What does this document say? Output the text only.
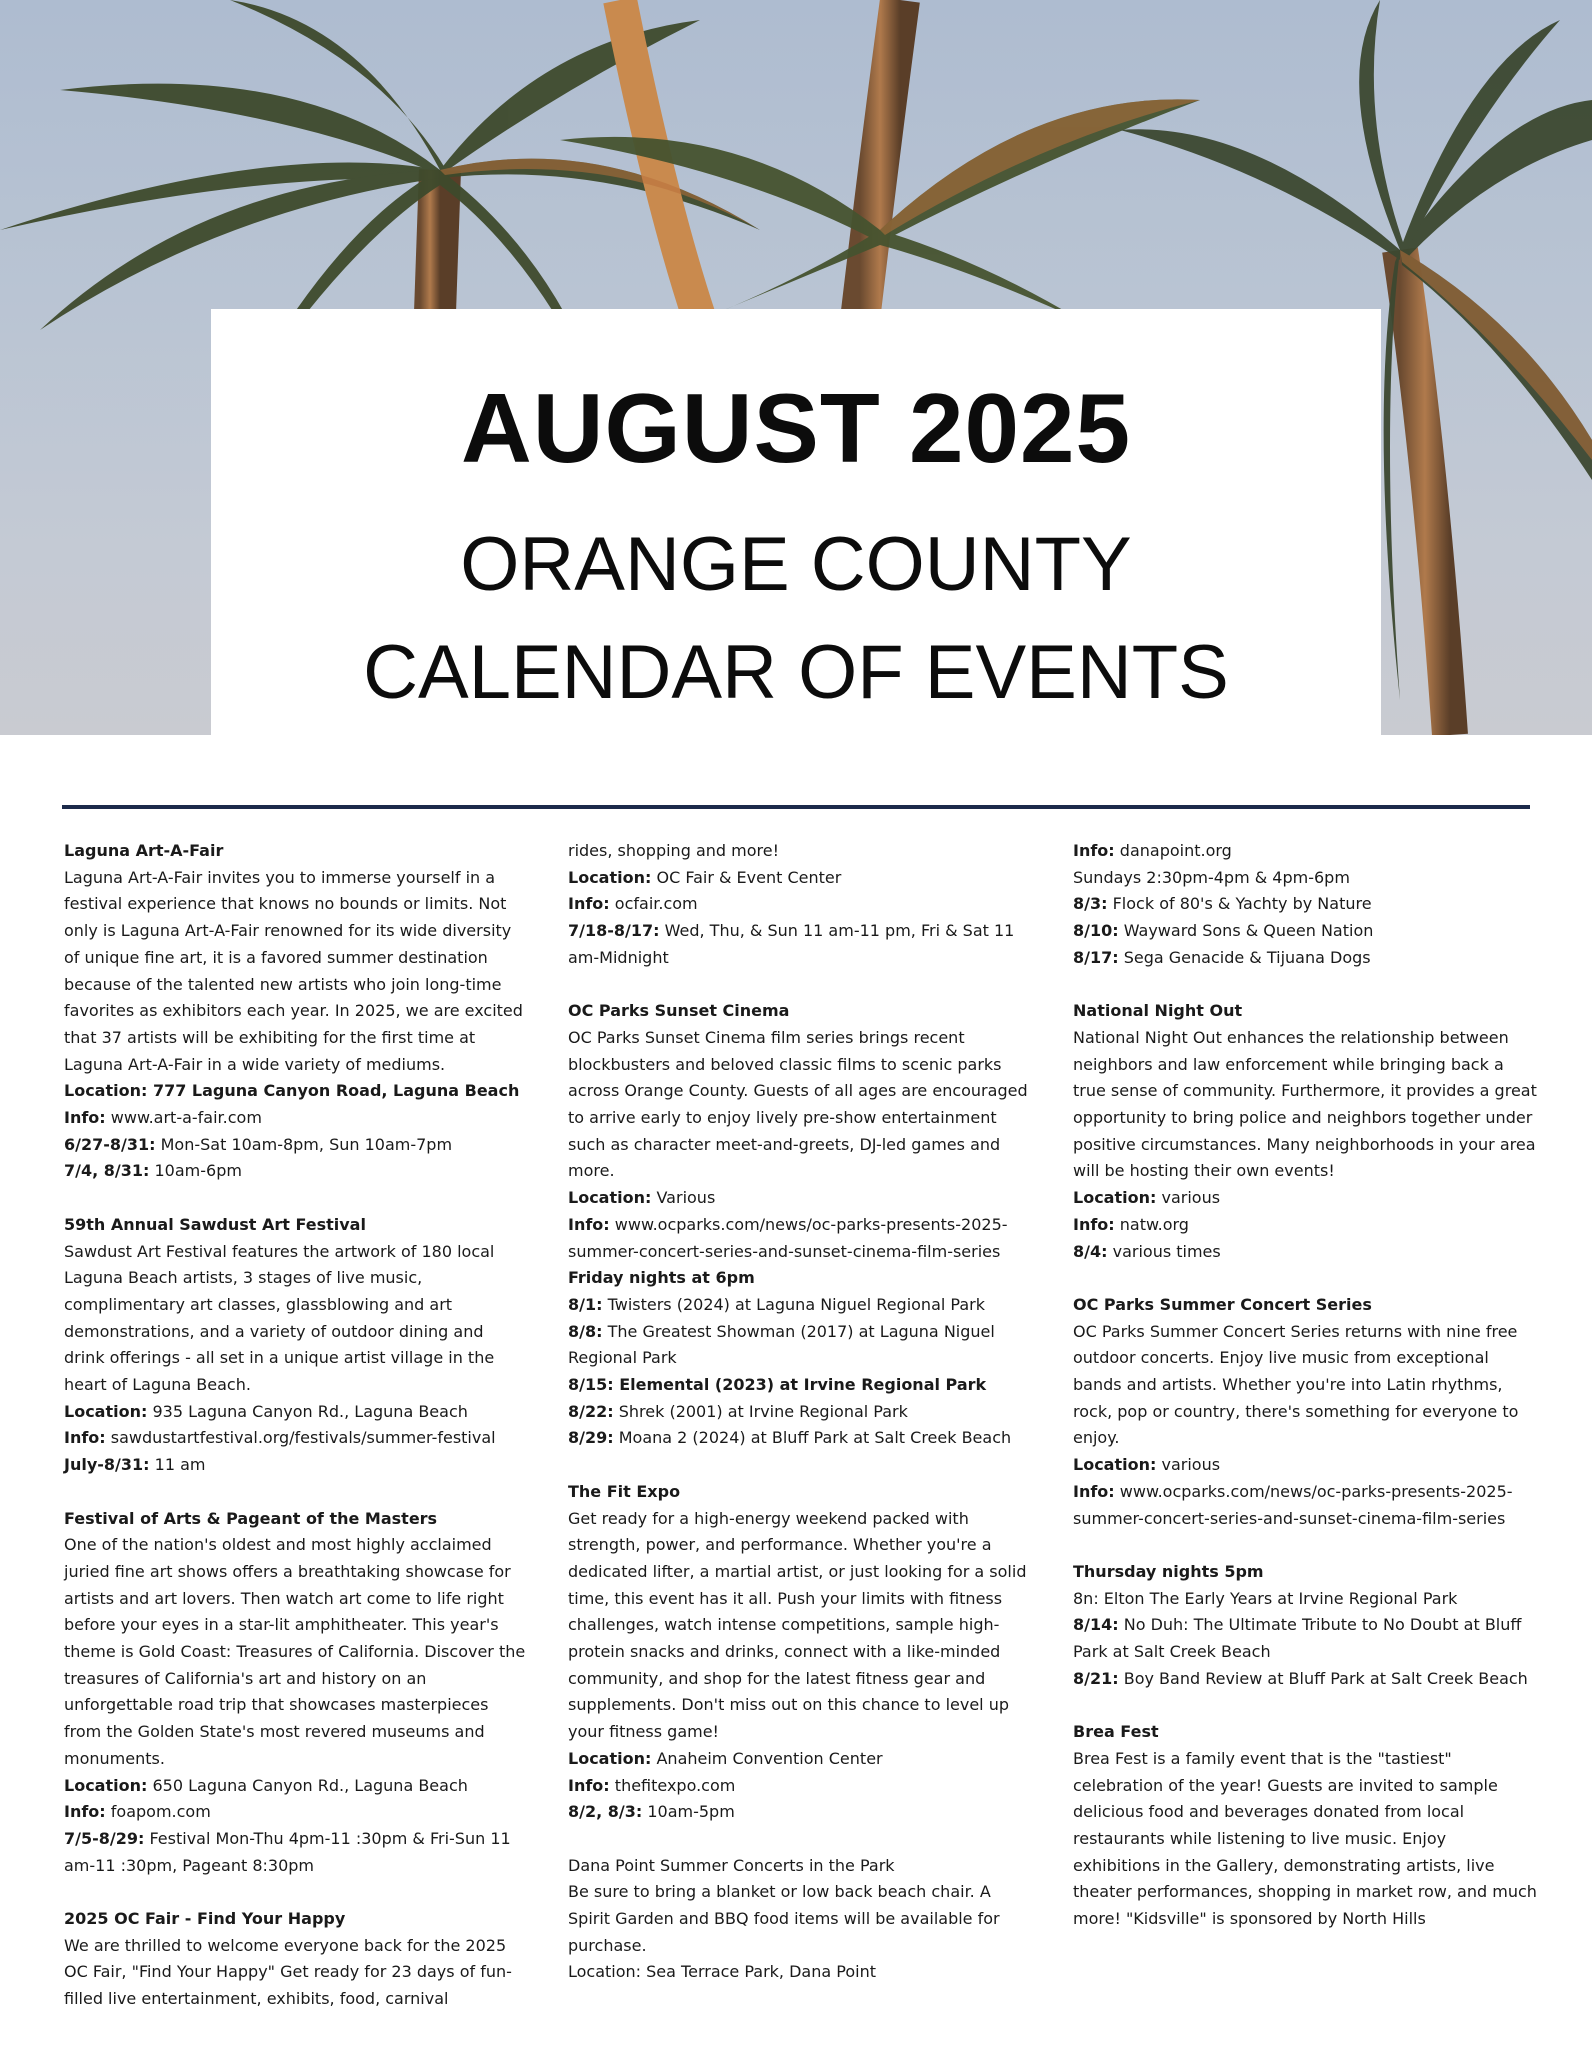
AUGUST 2025
ORANGE COUNTY
CALENDAR OF EVENTS
Laguna Art-A-Fair

Laguna Art-A-Fair invites you to immerse yourself in a festival experience that knows no bounds or limits. Not only is Laguna Art-A-Fair renowned for its wide diversity of unique fine art, it is a favored summer destination because of the talented new artists who join long-time favorites as exhibitors each year. In 2025, we are excited that 37 artists will be exhibiting for the first time at Laguna Art-A-Fair in a wide variety of mediums.

Location: 777 Laguna Canyon Road, Laguna Beach

Info: www.art-a-fair.com

6/27-8/31: Mon-Sat 10am-8pm, Sun 10am-7pm

7/4, 8/31: 10am-6pm

59th Annual Sawdust Art Festival

Sawdust Art Festival features the artwork of 180 local Laguna Beach artists, 3 stages of live music, complimentary art classes, glassblowing and art demonstrations, and a variety of outdoor dining and drink offerings - all set in a unique artist village in the heart of Laguna Beach.

Location: 935 Laguna Canyon Rd., Laguna Beach

Info: sawdustartfestival.org/festivals/summer-festival

July-8/31: 11 am

Festival of Arts & Pageant of the Masters

One of the nation's oldest and most highly acclaimed juried fine art shows offers a breathtaking showcase for artists and art lovers. Then watch art come to life right before your eyes in a star-lit amphitheater. This year's theme is Gold Coast: Treasures of California. Discover the treasures of California's art and history on an unforgettable road trip that showcases masterpieces from the Golden State's most revered museums and monuments.

Location: 650 Laguna Canyon Rd., Laguna Beach

Info: foapom.com

7/5-8/29: Festival Mon-Thu 4pm-11 :30pm & Fri-Sun 11 am-11 :30pm, Pageant 8:30pm

2025 OC Fair - Find Your Happy

We are thrilled to welcome everyone back for the 2025 OC Fair, "Find Your Happy" Get ready for 23 days of fun-filled live entertainment, exhibits, food, carnival

rides, shopping and more!

Location: OC Fair & Event Center

Info: ocfair.com

7/18-8/17: Wed, Thu, & Sun 11 am-11 pm, Fri & Sat 11 am-Midnight

OC Parks Sunset Cinema

OC Parks Sunset Cinema film series brings recent blockbusters and beloved classic films to scenic parks across Orange County. Guests of all ages are encouraged to arrive early to enjoy lively pre-show entertainment such as character meet-and-greets, DJ-led games and more.

Location: Various

Info: www.ocparks.com/news/oc-parks-presents-2025-summer-concert-series-and-sunset-cinema-film-series

Friday nights at 6pm

8/1: Twisters (2024) at Laguna Niguel Regional Park

8/8: The Greatest Showman (2017) at Laguna Niguel Regional Park

8/15: Elemental (2023) at Irvine Regional Park

8/22: Shrek (2001) at Irvine Regional Park

8/29: Moana 2 (2024) at Bluff Park at Salt Creek Beach

The Fit Expo

Get ready for a high-energy weekend packed with strength, power, and performance. Whether you're a dedicated lifter, a martial artist, or just looking for a solid time, this event has it all. Push your limits with fitness challenges, watch intense competitions, sample high-protein snacks and drinks, connect with a like-minded community, and shop for the latest fitness gear and supplements. Don't miss out on this chance to level up your fitness game!

Location: Anaheim Convention Center

Info: thefitexpo.com

8/2, 8/3: 10am-5pm

Dana Point Summer Concerts in the Park

Be sure to bring a blanket or low back beach chair. A Spirit Garden and BBQ food items will be available for purchase.

Location: Sea Terrace Park, Dana Point

Info: danapoint.org

Sundays 2:30pm-4pm & 4pm-6pm

8/3: Flock of 80's & Yachty by Nature

8/10: Wayward Sons & Queen Nation

8/17: Sega Genacide & Tijuana Dogs

National Night Out

National Night Out enhances the relationship between neighbors and law enforcement while bringing back a true sense of community. Furthermore, it provides a great opportunity to bring police and neighbors together under positive circumstances. Many neighborhoods in your area will be hosting their own events!

Location: various

Info: natw.org

8/4: various times

OC Parks Summer Concert Series

OC Parks Summer Concert Series returns with nine free outdoor concerts. Enjoy live music from exceptional bands and artists. Whether you're into Latin rhythms, rock, pop or country, there's something for everyone to enjoy.

Location: various

Info: www.ocparks.com/news/oc-parks-presents-2025-summer-concert-series-and-sunset-cinema-film-series

Thursday nights 5pm

8n: Elton The Early Years at Irvine Regional Park

8/14: No Duh: The Ultimate Tribute to No Doubt at Bluff Park at Salt Creek Beach

8/21: Boy Band Review at Bluff Park at Salt Creek Beach

Brea Fest

Brea Fest is a family event that is the "tastiest" celebration of the year! Guests are invited to sample delicious food and beverages donated from local restaurants while listening to live music. Enjoy exhibitions in the Gallery, demonstrating artists, live theater performances, shopping in market row, and much more! "Kidsville" is sponsored by North Hills
